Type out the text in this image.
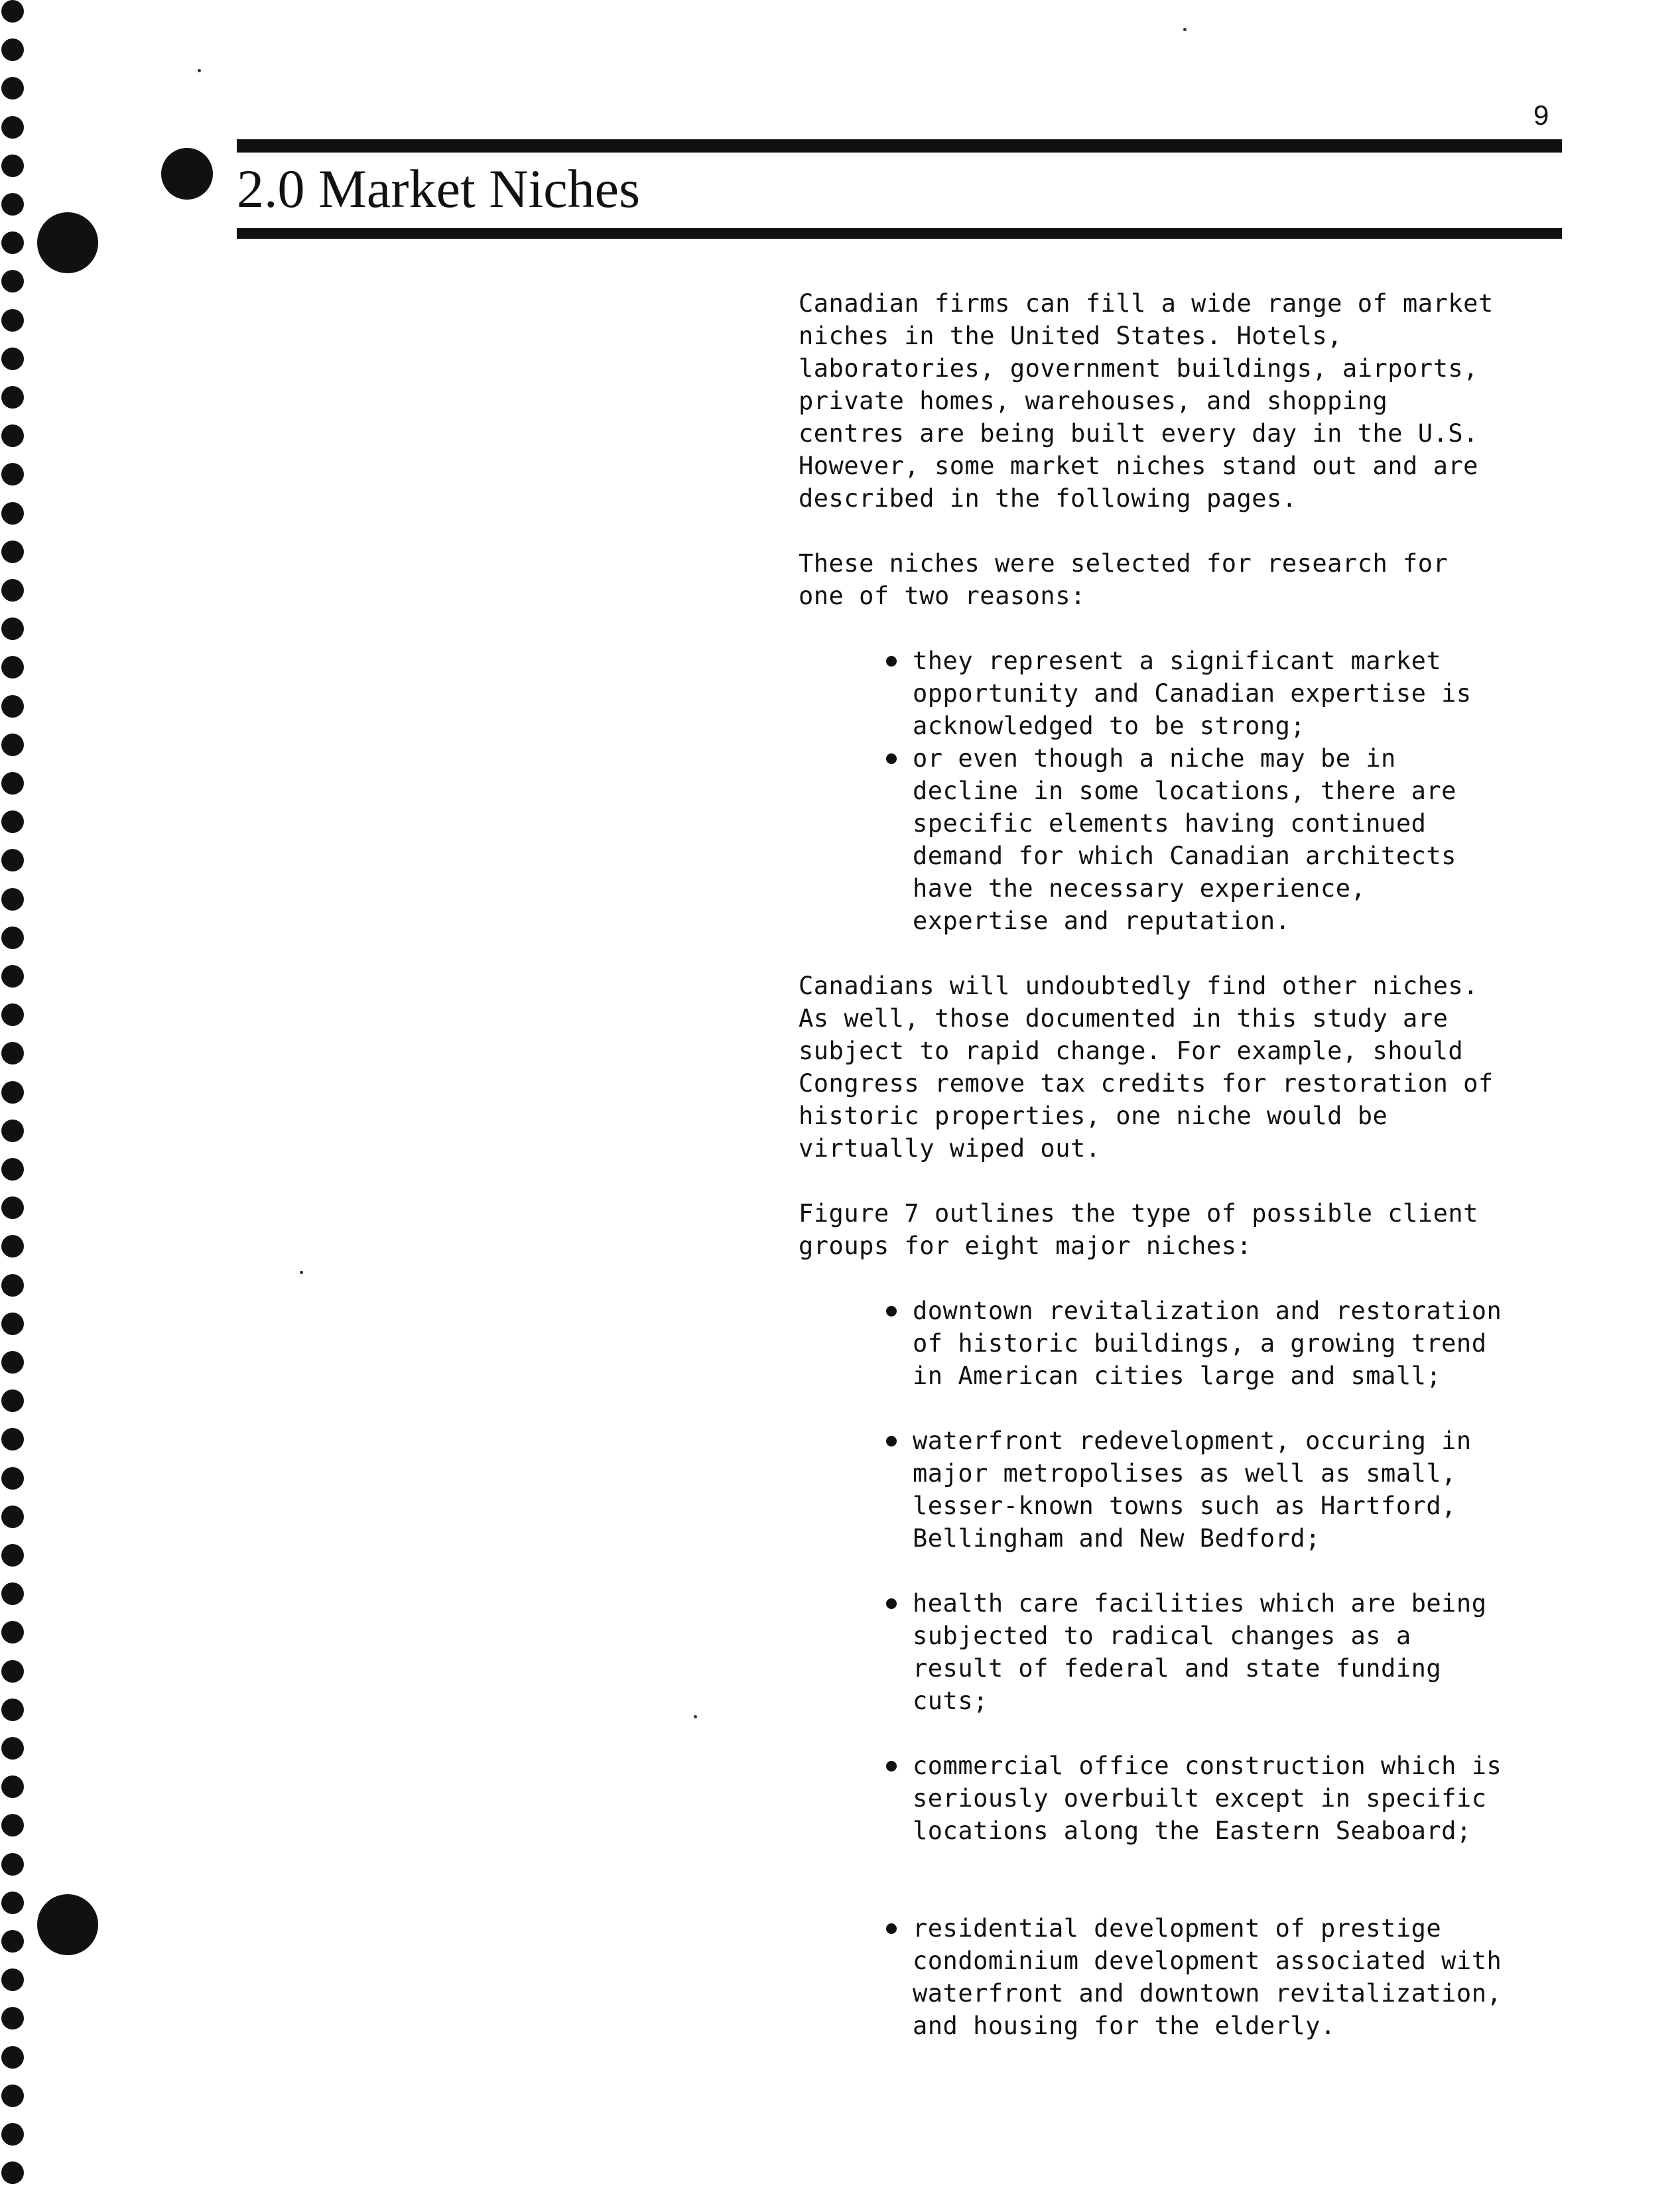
9
2.0 Market Niches

Canadian firms can fill a wide range of market
niches in the United States. Hotels,
laboratories, government buildings, airports,
private homes, warehouses, and shopping
centres are being built every day in the U.S.
However, some market niches stand out and are
described in the following pages.

These niches were selected for research for
one of two reasons:

they represent a significant market
opportunity and Canadian expertise is
acknowledged to be strong;
or even though a niche may be in
decline in some locations, there are
specific elements having continued
demand for which Canadian architects
have the necessary experience,
expertise and reputation.

Canadians will undoubtedly find other niches.
As well, those documented in this study are
subject to rapid change. For example, should
Congress remove tax credits for restoration of
historic properties, one niche would be
virtually wiped out.

Figure 7 outlines the type of possible client
groups for eight major niches:

downtown revitalization and restoration
of historic buildings, a growing trend
in American cities large and small;
waterfront redevelopment, occuring in
major metropolises as well as small,
lesser-known towns such as Hartford,
Bellingham and New Bedford;
health care facilities which are being
subjected to radical changes as a
result of federal and state funding
cuts;
commercial office construction which is
seriously overbuilt except in specific
locations along the Eastern Seaboard;
residential development of prestige
condominium development associated with
waterfront and downtown revitalization,
and housing for the elderly.
